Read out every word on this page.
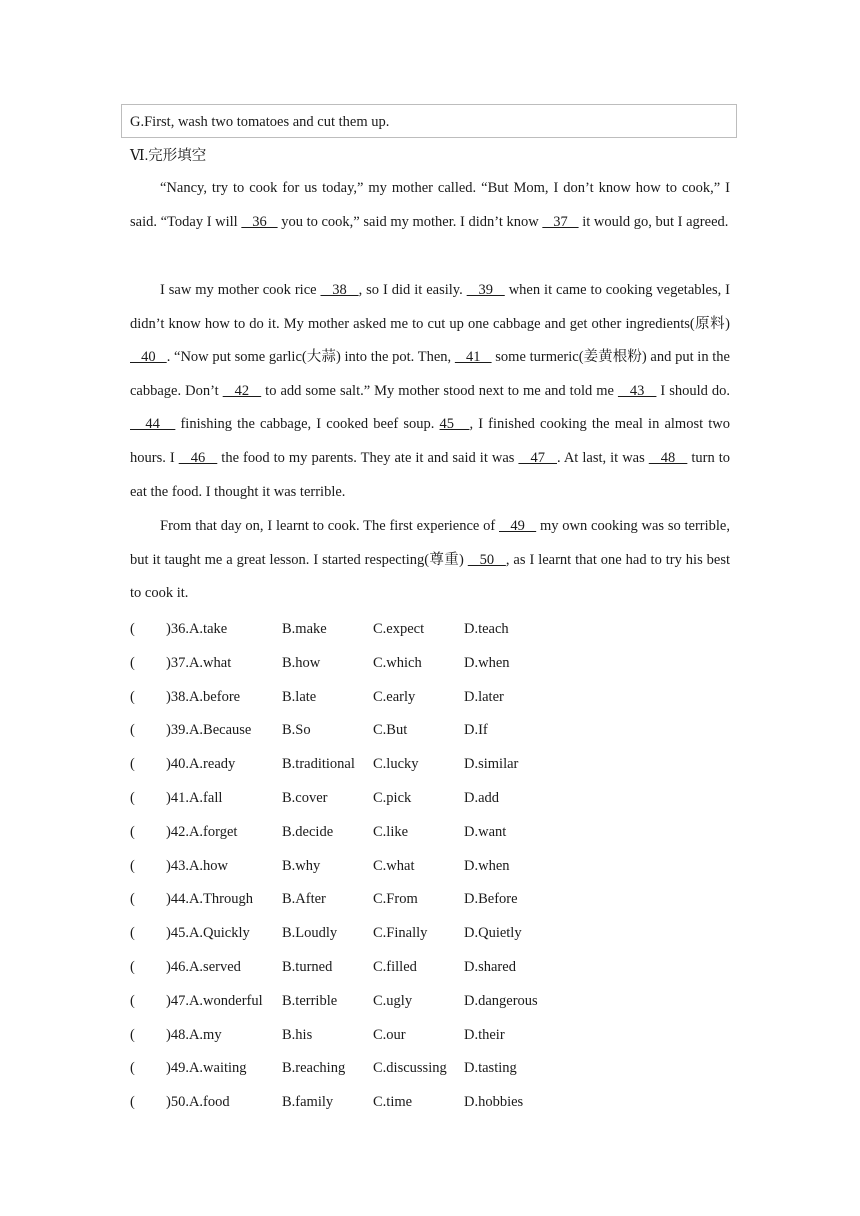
G.First, wash two tomatoes and cut them up.
Ⅵ.完形填空
“Nancy, try to cook for us today,” my mother called. “But Mom, I don’t know how to cook,” I said. “Today I will    36    you to cook,” said my mother. I didn’t know    37    it would go, but I agreed.
I saw my mother cook rice    38   , so I did it easily.    39    when it came to cooking vegetables, I didn’t know how to do it. My mother asked me to cut up one cabbage and get other ingredients(原料)    40   . “Now put some garlic(大蒜) into the pot. Then,    41    some turmeric(姜黄根粉) and put in the cabbage. Don’t    42    to add some salt.” My mother stood next to me and told me    43    I should do.    44    finishing the cabbage, I cooked beef soup. 45   , I finished cooking the meal in almost two hours. I    46    the food to my parents. They ate it and said it was    47   . At last, it was    48    turn to eat the food. I thought it was terrible.
From that day on, I learnt to cook. The first experience of    49    my own cooking was so terrible, but it taught me a great lesson. I started respecting(尊重)    50   , as I learnt that one had to try his best to cook it.
( )36.A.take	B.make	C.expect	D.teach
( )37.A.what	B.how	C.which	D.when
( )38.A.before	B.late	C.early	D.later
( )39.A.Because B.So	C.But	D.If
( )40.A.ready	B.traditional C.lucky	D.similar
( )41.A.fall	B.cover	C.pick	D.add
( )42.A.forget	B.decide	C.like	D.want
( )43.A.how	B.why	C.what	D.when
( )44.A.Through B.After	C.From	D.Before
( )45.A.Quickly B.Loudly C.Finally	D.Quietly
( )46.A.served	B.turned	C.filled	D.shared
( )47.A.wonderful B.terrible C.ugly	D.dangerous
( )48.A.my	B.his	C.our	D.their
( )49.A.waiting B.reaching C.discussing D.tasting
( )50.A.food	B.family	C.time	D.hobbies
